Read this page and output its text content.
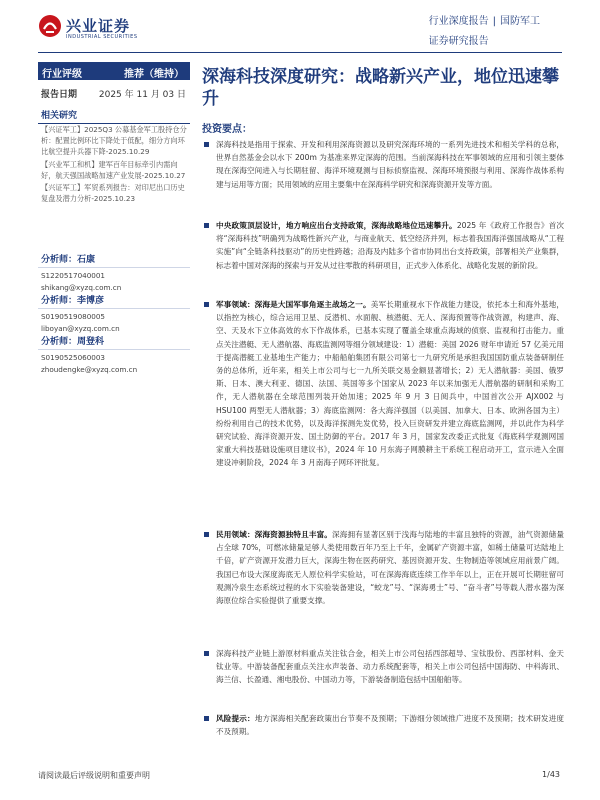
兴业证券
INDUSTRIAL SECURITIES
行业深度报告 | 国防军工
证券研究报告
行业评级	推荐（维持）
报告日期 2025 年 11 月 03 日
相关研究
【兴证军工】2025Q3 公募基金军工股持仓分析：配置比例环比下降处于低配，细分方向环比航空提升兵器下降-2025.10.29
【兴业军工和机】建军百年目标牵引内需向好，航天强国战略加速产业发展-2025.10.27
【兴证军工】军贸系列报告：对印尼出口历史复盘及潜力分析-2025.10.23
分析师：石康
S1220517040001
shikang@xyzq.com.cn
分析师：李博彦
S0190519080005
liboyan@xyzq.com.cn
分析师：周登科
S0190525060003
zhoudengke@xyzq.com.cn
深海科技深度研究：战略新兴产业，地位迅速攀升
投资要点：
深海科技是指用于探索、开发和利用深海资源以及研究深海环境的一系列先进技术和相关学科的总称，世界自然基金会以水下 200m 为基准来界定深海的范围。当前深海科技在军事领域的应用和引领主要体现在深海空间进入与长期驻留、海洋环境观测与目标侦察监视、深海环境预报与利用、深海作战体系构建与运用等方面；民用领域的应用主要集中在深海科学研究和深海资源开发等方面。
中央政策顶层设计，地方响应出台支持政策，深海战略地位迅速攀升。2025 年《政府工作报告》首次将“深海科技”明确列为战略性新兴产业，与商业航天、低空经济并列，标志着我国海洋强国战略从“工程实施”向“全链条科技驱动”的历史性跨越；沿海及内陆多个省市协同出台支持政策，部署相关产业集群，标志着中国对深海的探索与开发从过往零散的科研项目，正式步入体系化、战略化发展的新阶段。
军事领域：深海是大国军事角逐主战场之一。美军长期重视水下作战能力建设，依托本土和海外基地，以指控为核心，综合运用卫星、反潜机、水面舰、核潜艇、无人、深海预置等作战资源，构建声、海、空、天及水下立体高效的水下作战体系，已基本实现了覆盖全球重点海域的侦察、监视和打击能力。重点关注潜艇、无人潜航器、海底监测网等细分领域建设：1）潜艇：美国 2026 财年申请近 57 亿美元用于提高潜艇工业基地生产能力；中船船舶集团有限公司第七一九研究所是承担我国国防重点装备研制任务的总体所，近年来，相关上市公司与七一九所关联交易金额显著增长；2）无人潜航器：美国、俄罗斯、日本、澳大利亚、德国、法国、英国等多个国家从 2023 年以来加强无人潜航器的研制和采购工作，无人潜航器在全球范围列装开始加速；2025 年 9 月 3 日阅兵中，中国首次公开 AJX002 与 HSU100 两型无人潜航器；3）海底监测网：各大海洋强国（以美国、加拿大、日本、欧洲各国为主）纷纷利用自己的技术优势，以及海洋探测先发优势，投入巨资研发并建立海底监测网，并以此作为科学研究试验、海洋资源开发、国土防御的平台。2017 年 3 月，国家发改委正式批复《海底科学观测网国家重大科技基础设施项目建议书》，2024 年 10 月东海子网膜耕主干系统工程启动开工，宣示进入全面建设冲刺阶段，2024 年 3 月南海子网环评批复。
民用领域：深海资源独特且丰富。深海拥有显著区别于浅海与陆地的丰富且独特的资源，油气资源储量占全球 70%，可燃冰储量足够人类使用数百年乃至上千年，金属矿产资源丰富，如稀土储量可达陆地上千倍，矿产资源开发潜力巨大，深海生物在医药研究、基因资源开发、生物制造等领域应用前景广阔。我国已布设大深度海底无人原位科学实验站，可在深海海底连续工作半年以上，正在开展可长期驻留可观测冷泉生态系统过程的水下实验装备建设，“蛟龙”号、“深海勇士”号、“奋斗者”号等载人潜水器为深海原位综合实验提供了重要支撑。
深海科技产业链上游原材料重点关注钛合金，相关上市公司包括西部超导、宝钛股份、西部材料、金天钛业等。中游装备配套重点关注水声装备、动力系统配套等，相关上市公司包括中国海防、中科海讯、海兰信、长盈通、湘电股份、中国动力等，下游装备制造包括中国船舶等。
风险提示：地方深海相关配套政策出台节奏不及预期；下游细分领域推广进度不及预期；技术研发进度不及预期。
请阅读最后评级说明和重要声明	1/43
